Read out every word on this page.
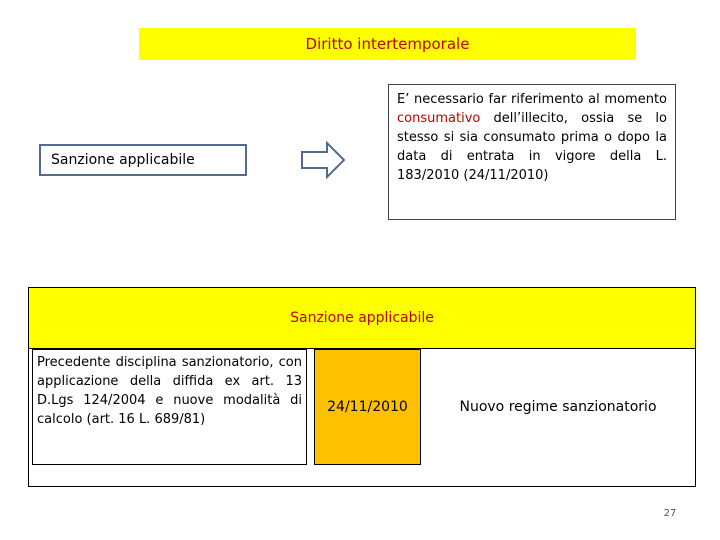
Diritto intertemporale
Sanzione applicabile
E’ necessario far riferimento al momento consumativo dell’illecito, ossia se lo stesso si sia consumato prima o dopo la data di entrata in vigore della L. 183/2010 (24/11/2010)
Sanzione applicabile
Precedente disciplina sanzionatorio, con applicazione della diffida ex art. 13 D.Lgs 124/2004 e nuove modalità di calcolo (art. 16 L. 689/81)
24/11/2010	Nuovo regime sanzionatorio
27
